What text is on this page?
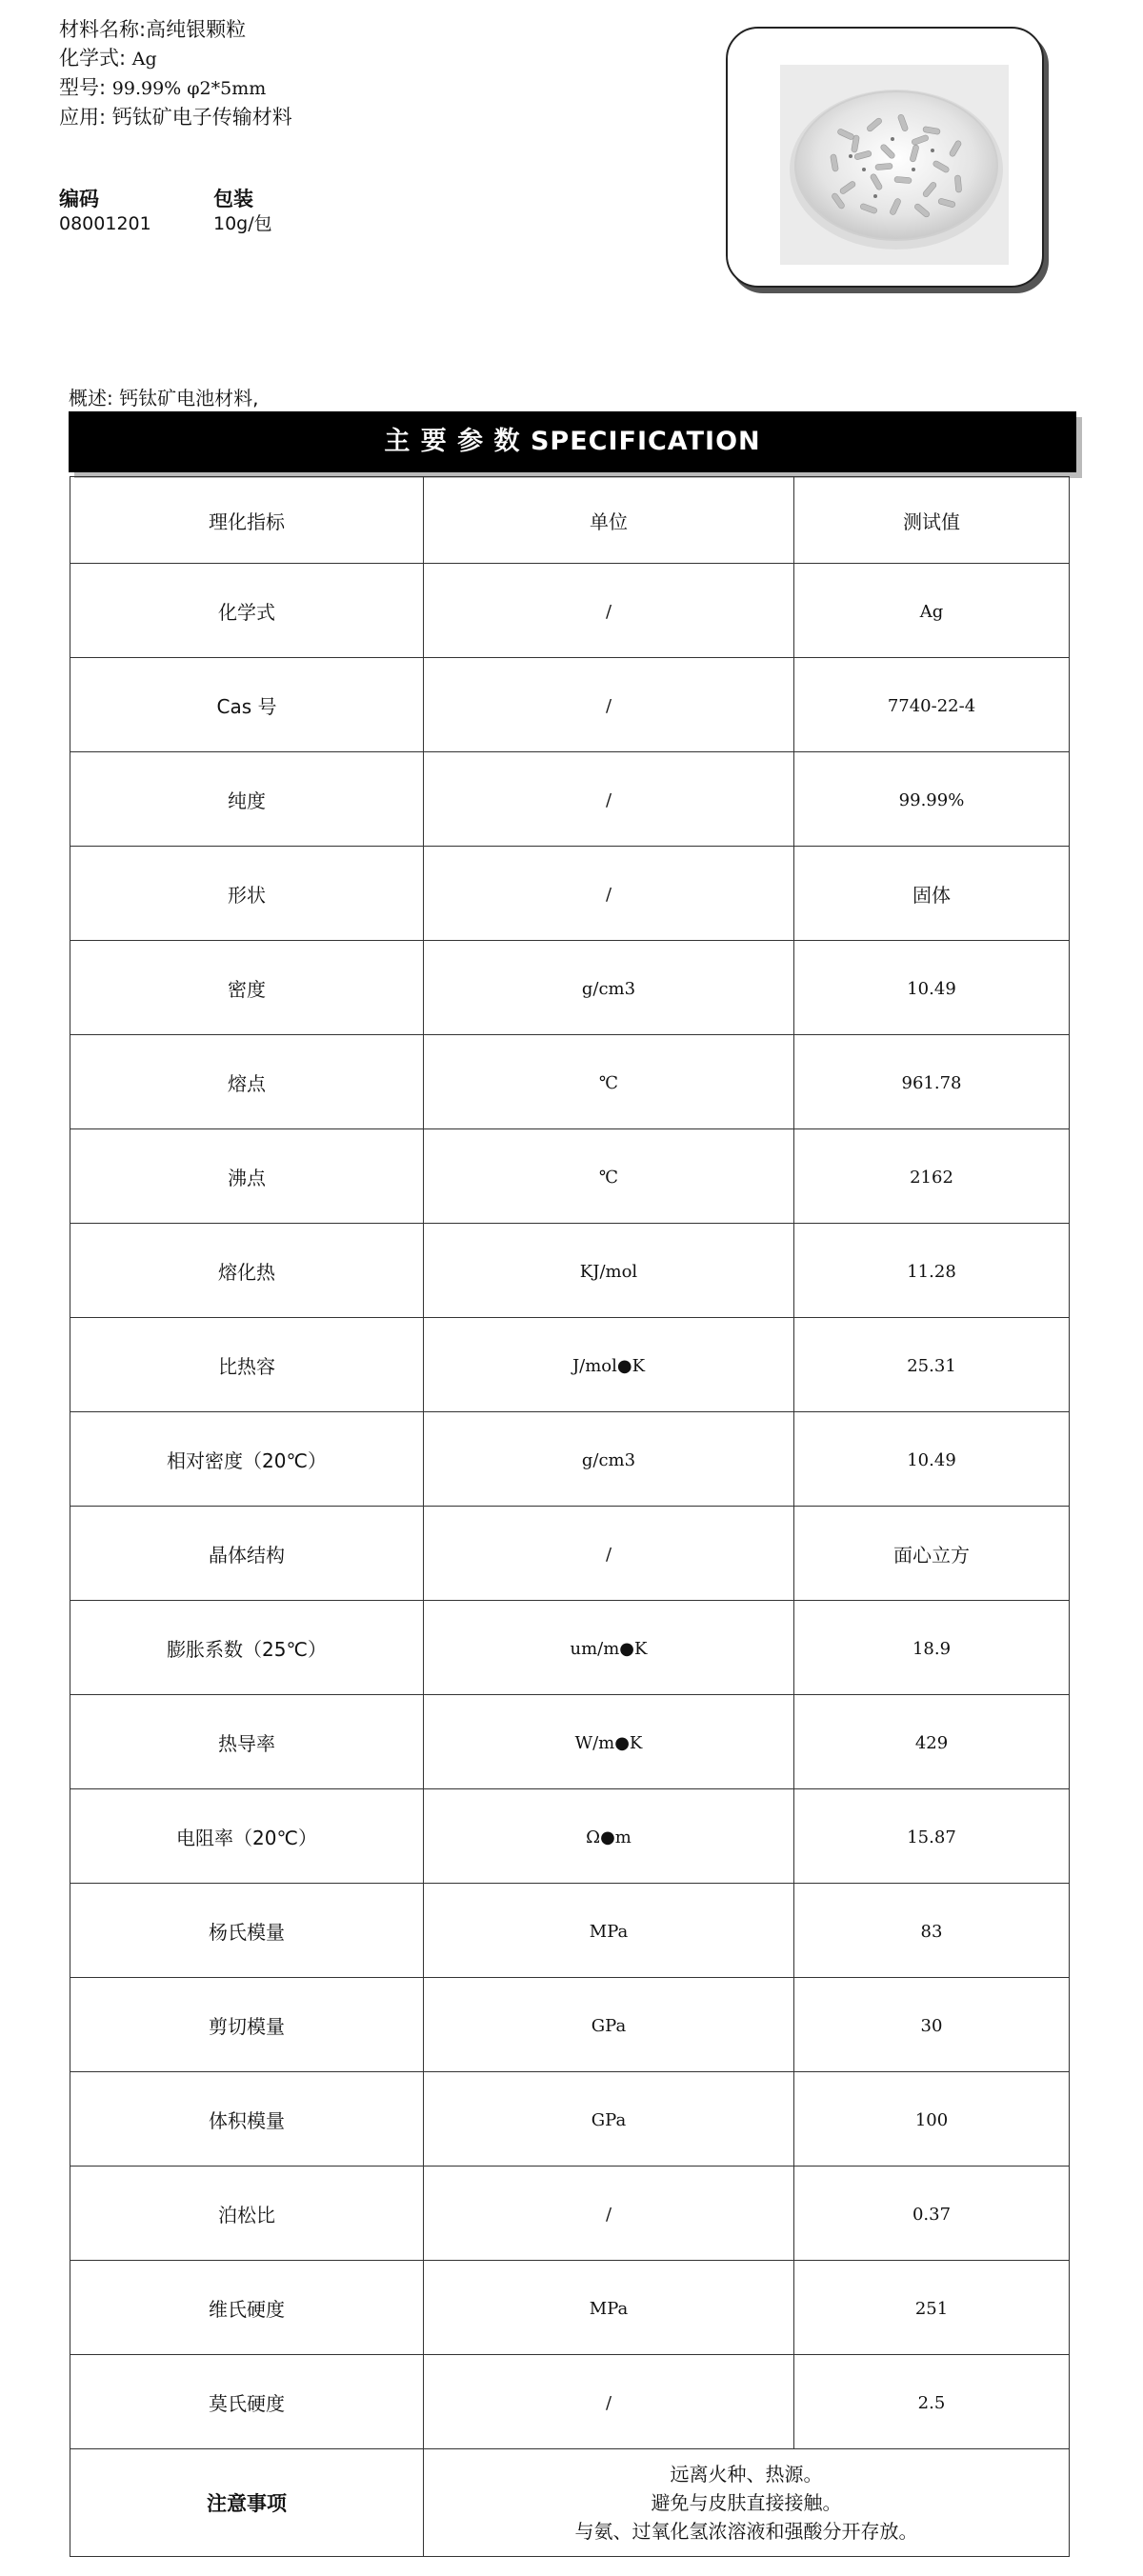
材料名称:高纯银颗粒
化学式: Ag
型号: 99.99% φ2*5mm
应用: 钙钛矿电子传输材料
编码
08001201
包装
10g/包
概述: 钙钛矿电池材料,
主 要 参 数 SPECIFICATION
理化指标	单位	测试值
化学式	/	Ag
Cas 号	/	7740-22-4
纯度	/	99.99%
形状	/	固体
密度	g/cm3	10.49
熔点	℃	961.78
沸点	℃	2162
熔化热	KJ/mol	11.28
比热容	J/mol●K	25.31
相对密度（20℃）	g/cm3	10.49
晶体结构	/	面心立方
膨胀系数（25℃）	um/m●K	18.9
热导率	W/m●K	429
电阻率（20℃）	Ω●m	15.87
杨氏模量	MPa	83
剪切模量	GPa	30
体积模量	GPa	100
泊松比	/	0.37
维氏硬度	MPa	251
莫氏硬度	/	2.5
注意事项	远离火种、热源。
避免与皮肤直接接触。
与氨、过氧化氢浓溶液和强酸分开存放。	
